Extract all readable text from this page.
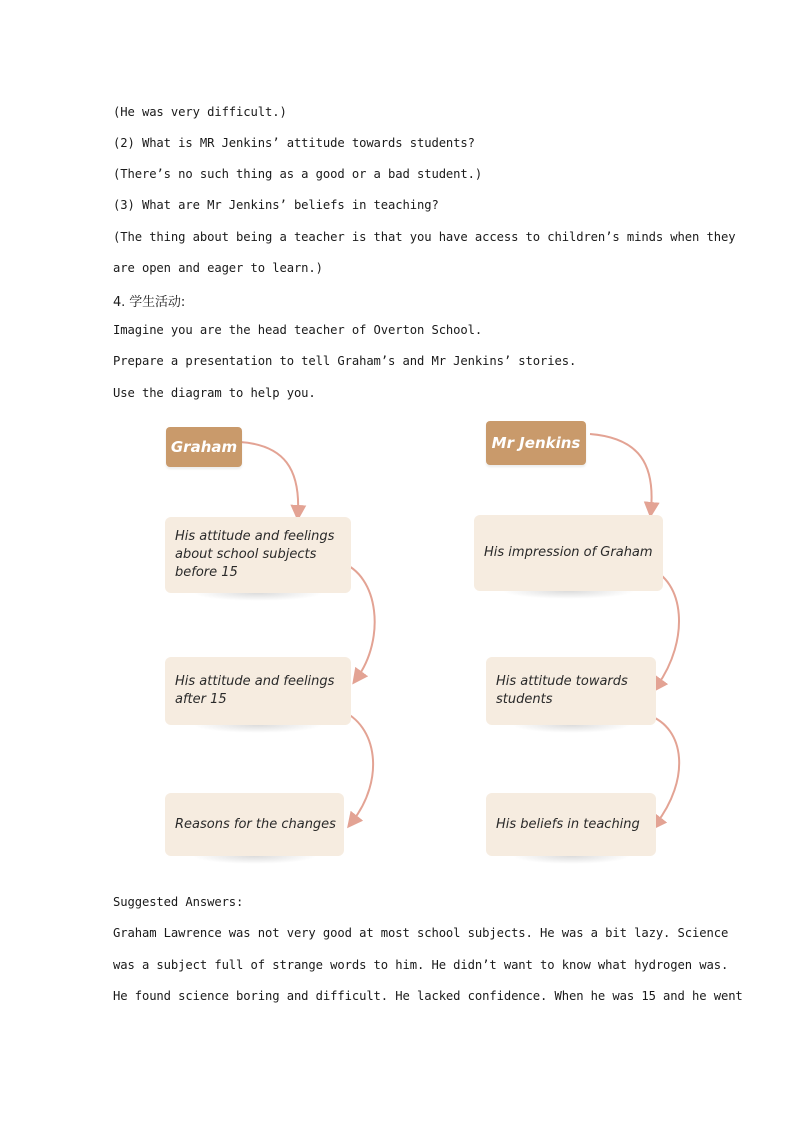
(He was very difficult.)
(2) What is MR Jenkins’ attitude towards students?
(There’s no such thing as a good or a bad student.)
(3) What are Mr Jenkins’ beliefs in teaching?
(The thing about being a teacher is that you have access to children’s minds when they
are open and eager to learn.)
4. 学生活动:
Imagine you are the head teacher of Overton School.
Prepare a presentation to tell Graham’s and Mr Jenkins’ stories.
Use the diagram to help you.
Graham
His attitude and feelings
about school subjects
before 15
His attitude and feelings
after 15
Reasons for the changes
Mr Jenkins
His impression of Graham
His attitude towards
students
His beliefs in teaching
Suggested Answers:
Graham Lawrence was not very good at most school subjects. He was a bit lazy. Science
was a subject full of strange words to him. He didn’t want to know what hydrogen was.
He found science boring and difficult. He lacked confidence. When he was 15 and he went
